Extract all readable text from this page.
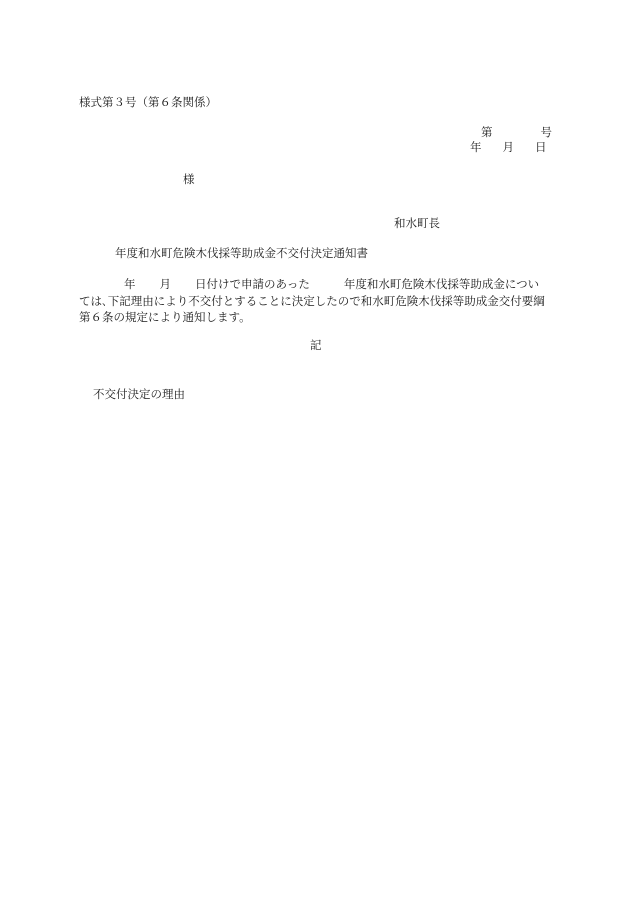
様式第３号（第６条関係）
第	号
年 月 日
様
和水町長
年度和水町危険木伐採等助成金不交付決定通知書
年 月 日付けで申請のあった	年度和水町危険木伐採等助成金につい
ては､下記理由により不交付とすることに決定したので和水町危険木伐採等助成金交付要綱
第６条の規定により通知します。
記
不交付決定の理由
